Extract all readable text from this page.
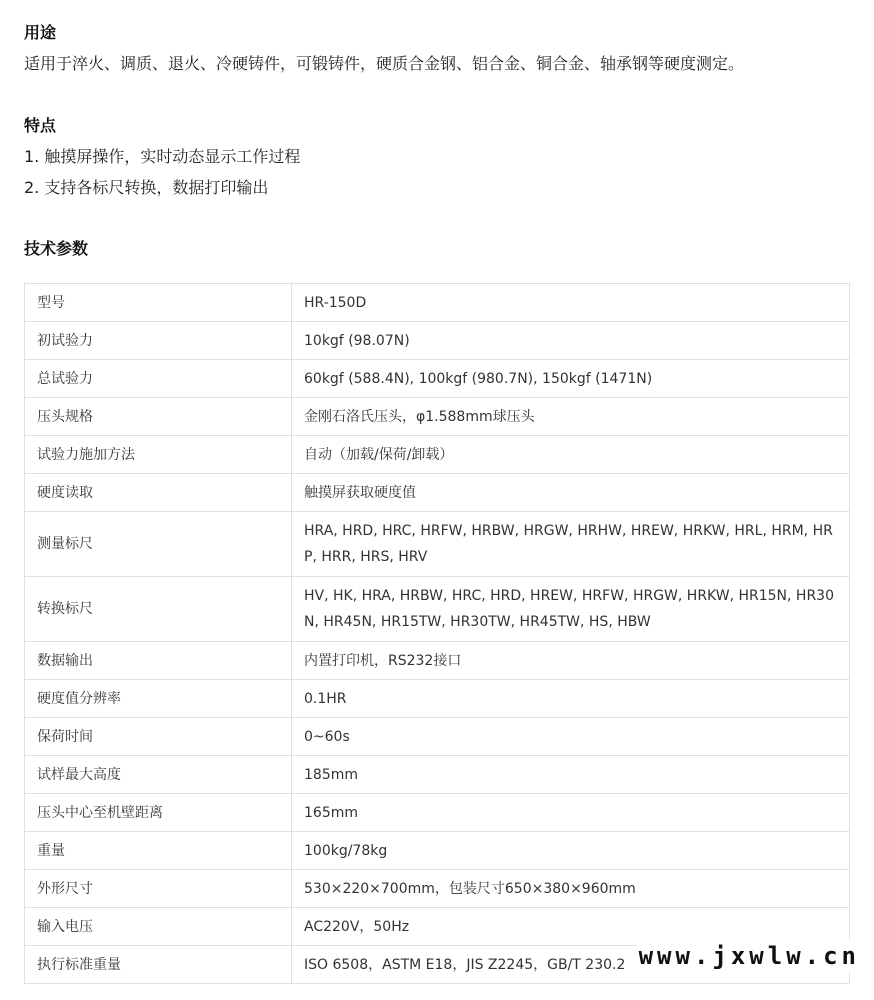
用途

适用于淬火、调质、退火、冷硬铸件，可锻铸件，硬质合金钢、铝合金、铜合金、轴承钢等硬度测定。

特点

1. 触摸屏操作，实时动态显示工作过程

2. 支持各标尺转换，数据打印输出

技术参数
型号	HR-150D
初试验力	10kgf (98.07N)
总试验力	60kgf (588.4N), 100kgf (980.7N), 150kgf (1471N)
压头规格	金刚石洛氏压头，φ1.588mm球压头
试验力施加方法	自动（加载/保荷/卸载）
硬度读取	触摸屏获取硬度值
测量标尺	HRA, HRD, HRC, HRFW, HRBW, HRGW, HRHW, HREW, HRKW, HRL, HRM, HRP, HRR, HRS, HRV
转换标尺	HV, HK, HRA, HRBW, HRC, HRD, HREW, HRFW, HRGW, HRKW, HR15N, HR30N, HR45N, HR15TW, HR30TW, HR45TW, HS, HBW
数据输出	内置打印机，RS232接口
硬度值分辨率	0.1HR
保荷时间	0~60s
试样最大高度	185mm
压头中心至机壁距离	165mm
重量	100kg/78kg
外形尺寸	530×220×700mm，包装尺寸650×380×960mm
输入电压	AC220V，50Hz
执行标准重量	ISO 6508，ASTM E18，JIS Z2245，GB/T 230.2 www.jxwlw.cn
